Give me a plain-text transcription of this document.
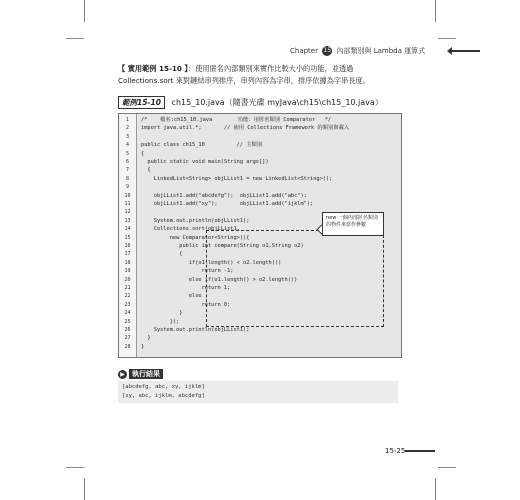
Chapter 15 內部類別與 Lambda 運算式
【 實用範例 15-10 】：使用匿名內部類別來實作比較大小的功能，並透過 Collections.sort 來對鏈結串列排序，串列內容為字串，排序依據為字串長度。
範例15-10 ch15_10.java（隨書光碟 myJava\ch15\ch15_10.java）
1	/*    檔名:ch15_10.java        功能：用匿名類別 Comparator   */
2	import java.util.*;       // 使用 Collections Framework 的類別與載入
3
4	public class ch15_10          // 主類別
5	{
6	public static void main(String args[])
7	{
8	LinkedList<String> objLList1 = new LinkedList<String>();
9
10	objLList1.add("abcdefg");  objLList1.add("abc");
11	objLList1.add("xy");       objLList1.add("ijklm");
12
13	System.out.println(objLList1);
14	Collections.sort(objLList1,
15	new Comparator<String>(){
16	public int compare(String o1,String o2)
17	{
18	if(o1.length() < o2.length())
19	return -1;
20	else if(o1.length() > o2.length())
21	return 1;
22	else
23	return 0;
24	}
25	});
26	System.out.println(objLList1);
27	}
28	}
new 一個內部匿名類別的物件來當作參數
▶ 執行結果
[abcdefg, abc, xy, ijklm]
[xy, abc, ijklm, abcdefg]
15-25
